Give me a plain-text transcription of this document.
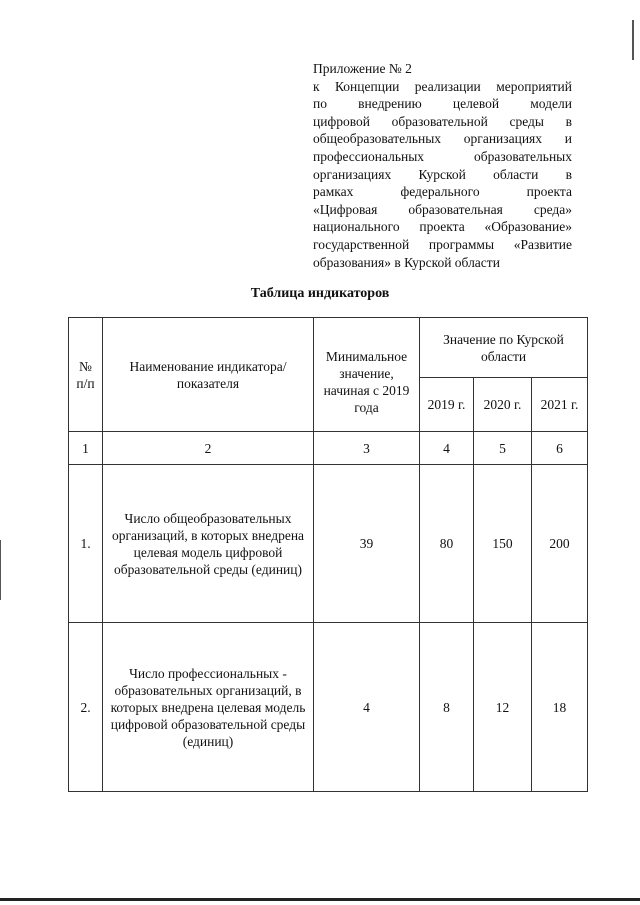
Приложение № 2
к Концепции реализации мероприятий
по внедрению целевой модели
цифровой образовательной среды в
общеобразовательных организациях и
профессиональных образовательных
организациях Курской области в
рамках федерального проекта
«Цифровая образовательная среда»
национального проекта «Образование»
государственной программы «Развитие
образования» в Курской области
Таблица индикаторов
№ п/п	Наименование индикатора/показателя	Минимальное значение, начиная с 2019 года	Значение по Курской области		
			2019 г.	2020 г.	2021 г.
1	2	3	4	5	6
1.	Число общеобразовательных организаций, в которых внедрена целевая модель цифровой образовательной среды (единиц)	39	80	150	200
2.	Число профессиональных - образовательных организаций, в которых внедрена целевая модель цифровой образовательной среды (единиц)	4	8	12	18
